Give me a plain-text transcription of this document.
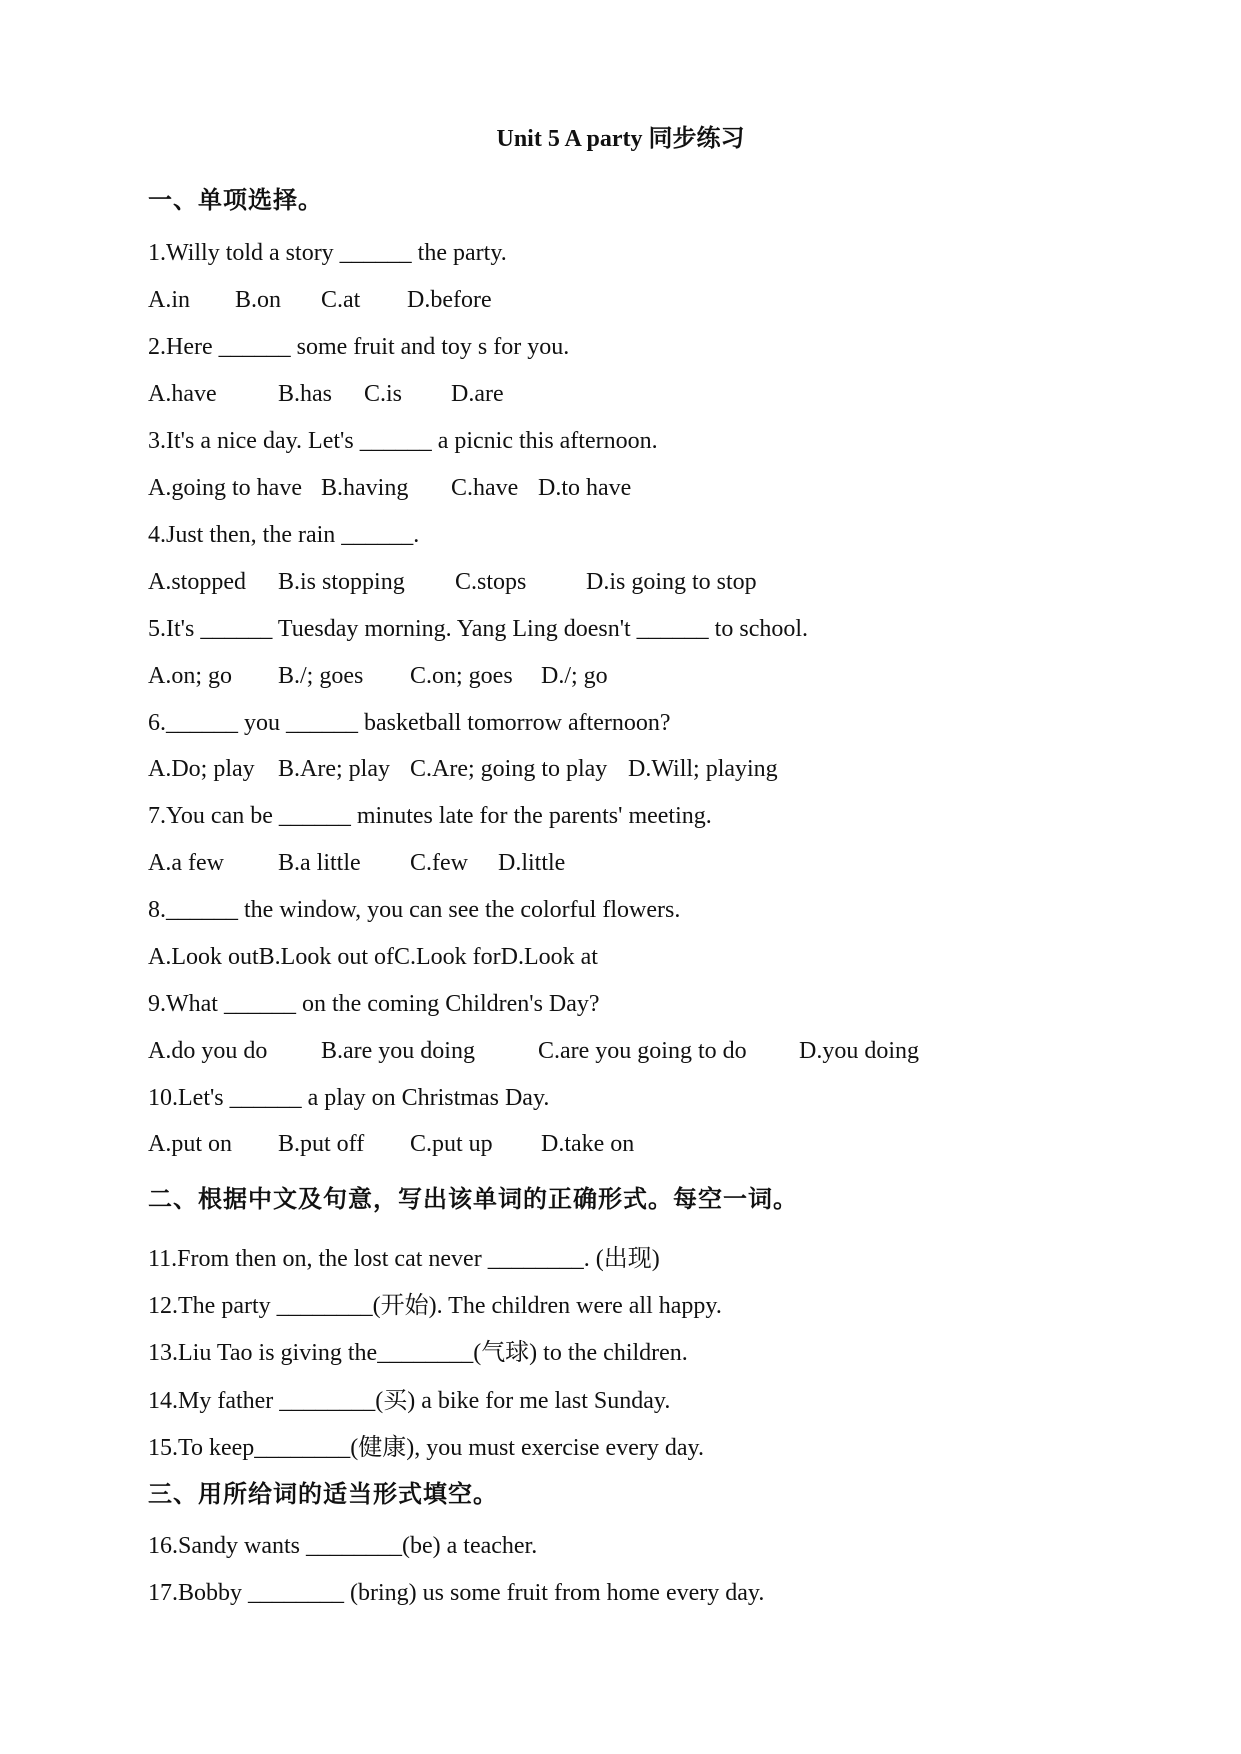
Unit 5 A party 同步练习
一、单项选择。
1.Willy told a story ______ the party.
A.in B.on C.at D.before
2.Here ______ some fruit and toy s for you.
A.have	B.has C.is D.are
3.It's a nice day. Let's ______ a picnic this afternoon.
A.going to have B.having C.have D.to have
4.Just then, the rain ______.
A.stopped B.is stopping C.stops D.is going to stop
5.It's ______ Tuesday morning. Yang Ling doesn't ______ to school.
A.on; go B./; goes C.on; goes D./; go
6.______ you ______ basketball tomorrow afternoon?
A.Do; play B.Are; play C.Are; going to play D.Will; playing
7.You can be ______ minutes late for the parents' meeting.
A.a few B.a little C.few D.little
8.______ the window, you can see the colorful flowers.
A.Look outB.Look out ofC.Look forD.Look at
9.What ______ on the coming Children's Day?
A.do you do B.are you doing	C.are you going to do D.you doing
10.Let's ______ a play on Christmas Day.
A.put on B.put off C.put up D.take on
二、根据中文及句意，写出该单词的正确形式。每空一词。
11.From then on, the lost cat never ________. (出现)
12.The party ________(开始). The children were all happy.
13.Liu Tao is giving the________(气球) to the children.
14.My father ________(买) a bike for me last Sunday.
15.To keep________(健康), you must exercise every day.
三、用所给词的适当形式填空。
16.Sandy wants ________(be) a teacher.
17.Bobby ________ (bring) us some fruit from home every day.
